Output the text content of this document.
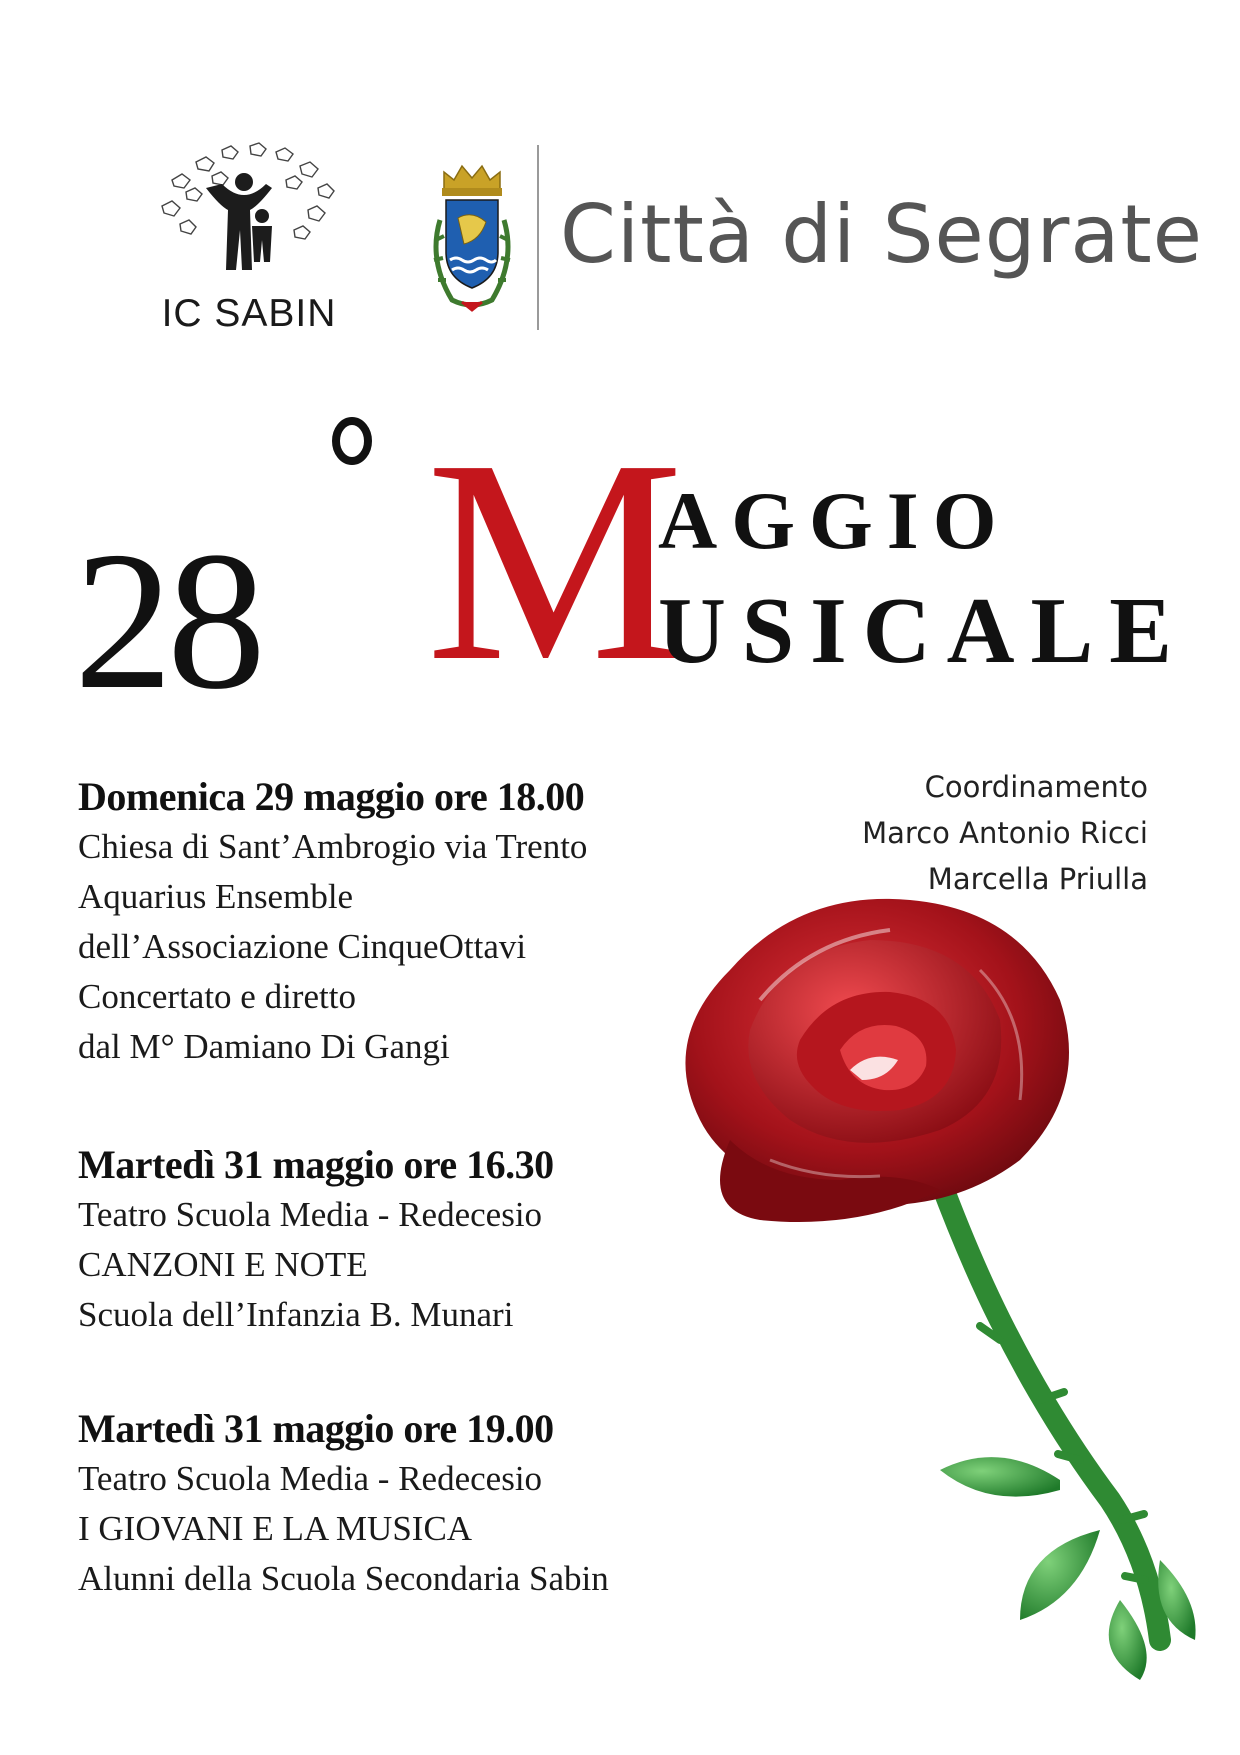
IC SABIN
Città di Segrate
28 M
AGGIO
USICALE
Coordinamento
Marco Antonio Ricci
Marcella Priulla
Domenica 29 maggio ore 18.00
Chiesa di Sant’Ambrogio via Trento
Aquarius Ensemble
dell’Associazione CinqueOttavi
Concertato e diretto
dal M° Damiano Di Gangi
Martedì 31 maggio ore 16.30
Teatro Scuola Media - Redecesio
CANZONI E NOTE
Scuola dell’Infanzia B. Munari
Martedì 31 maggio ore 19.00
Teatro Scuola Media - Redecesio
I GIOVANI E LA MUSICA
Alunni della Scuola Secondaria Sabin
